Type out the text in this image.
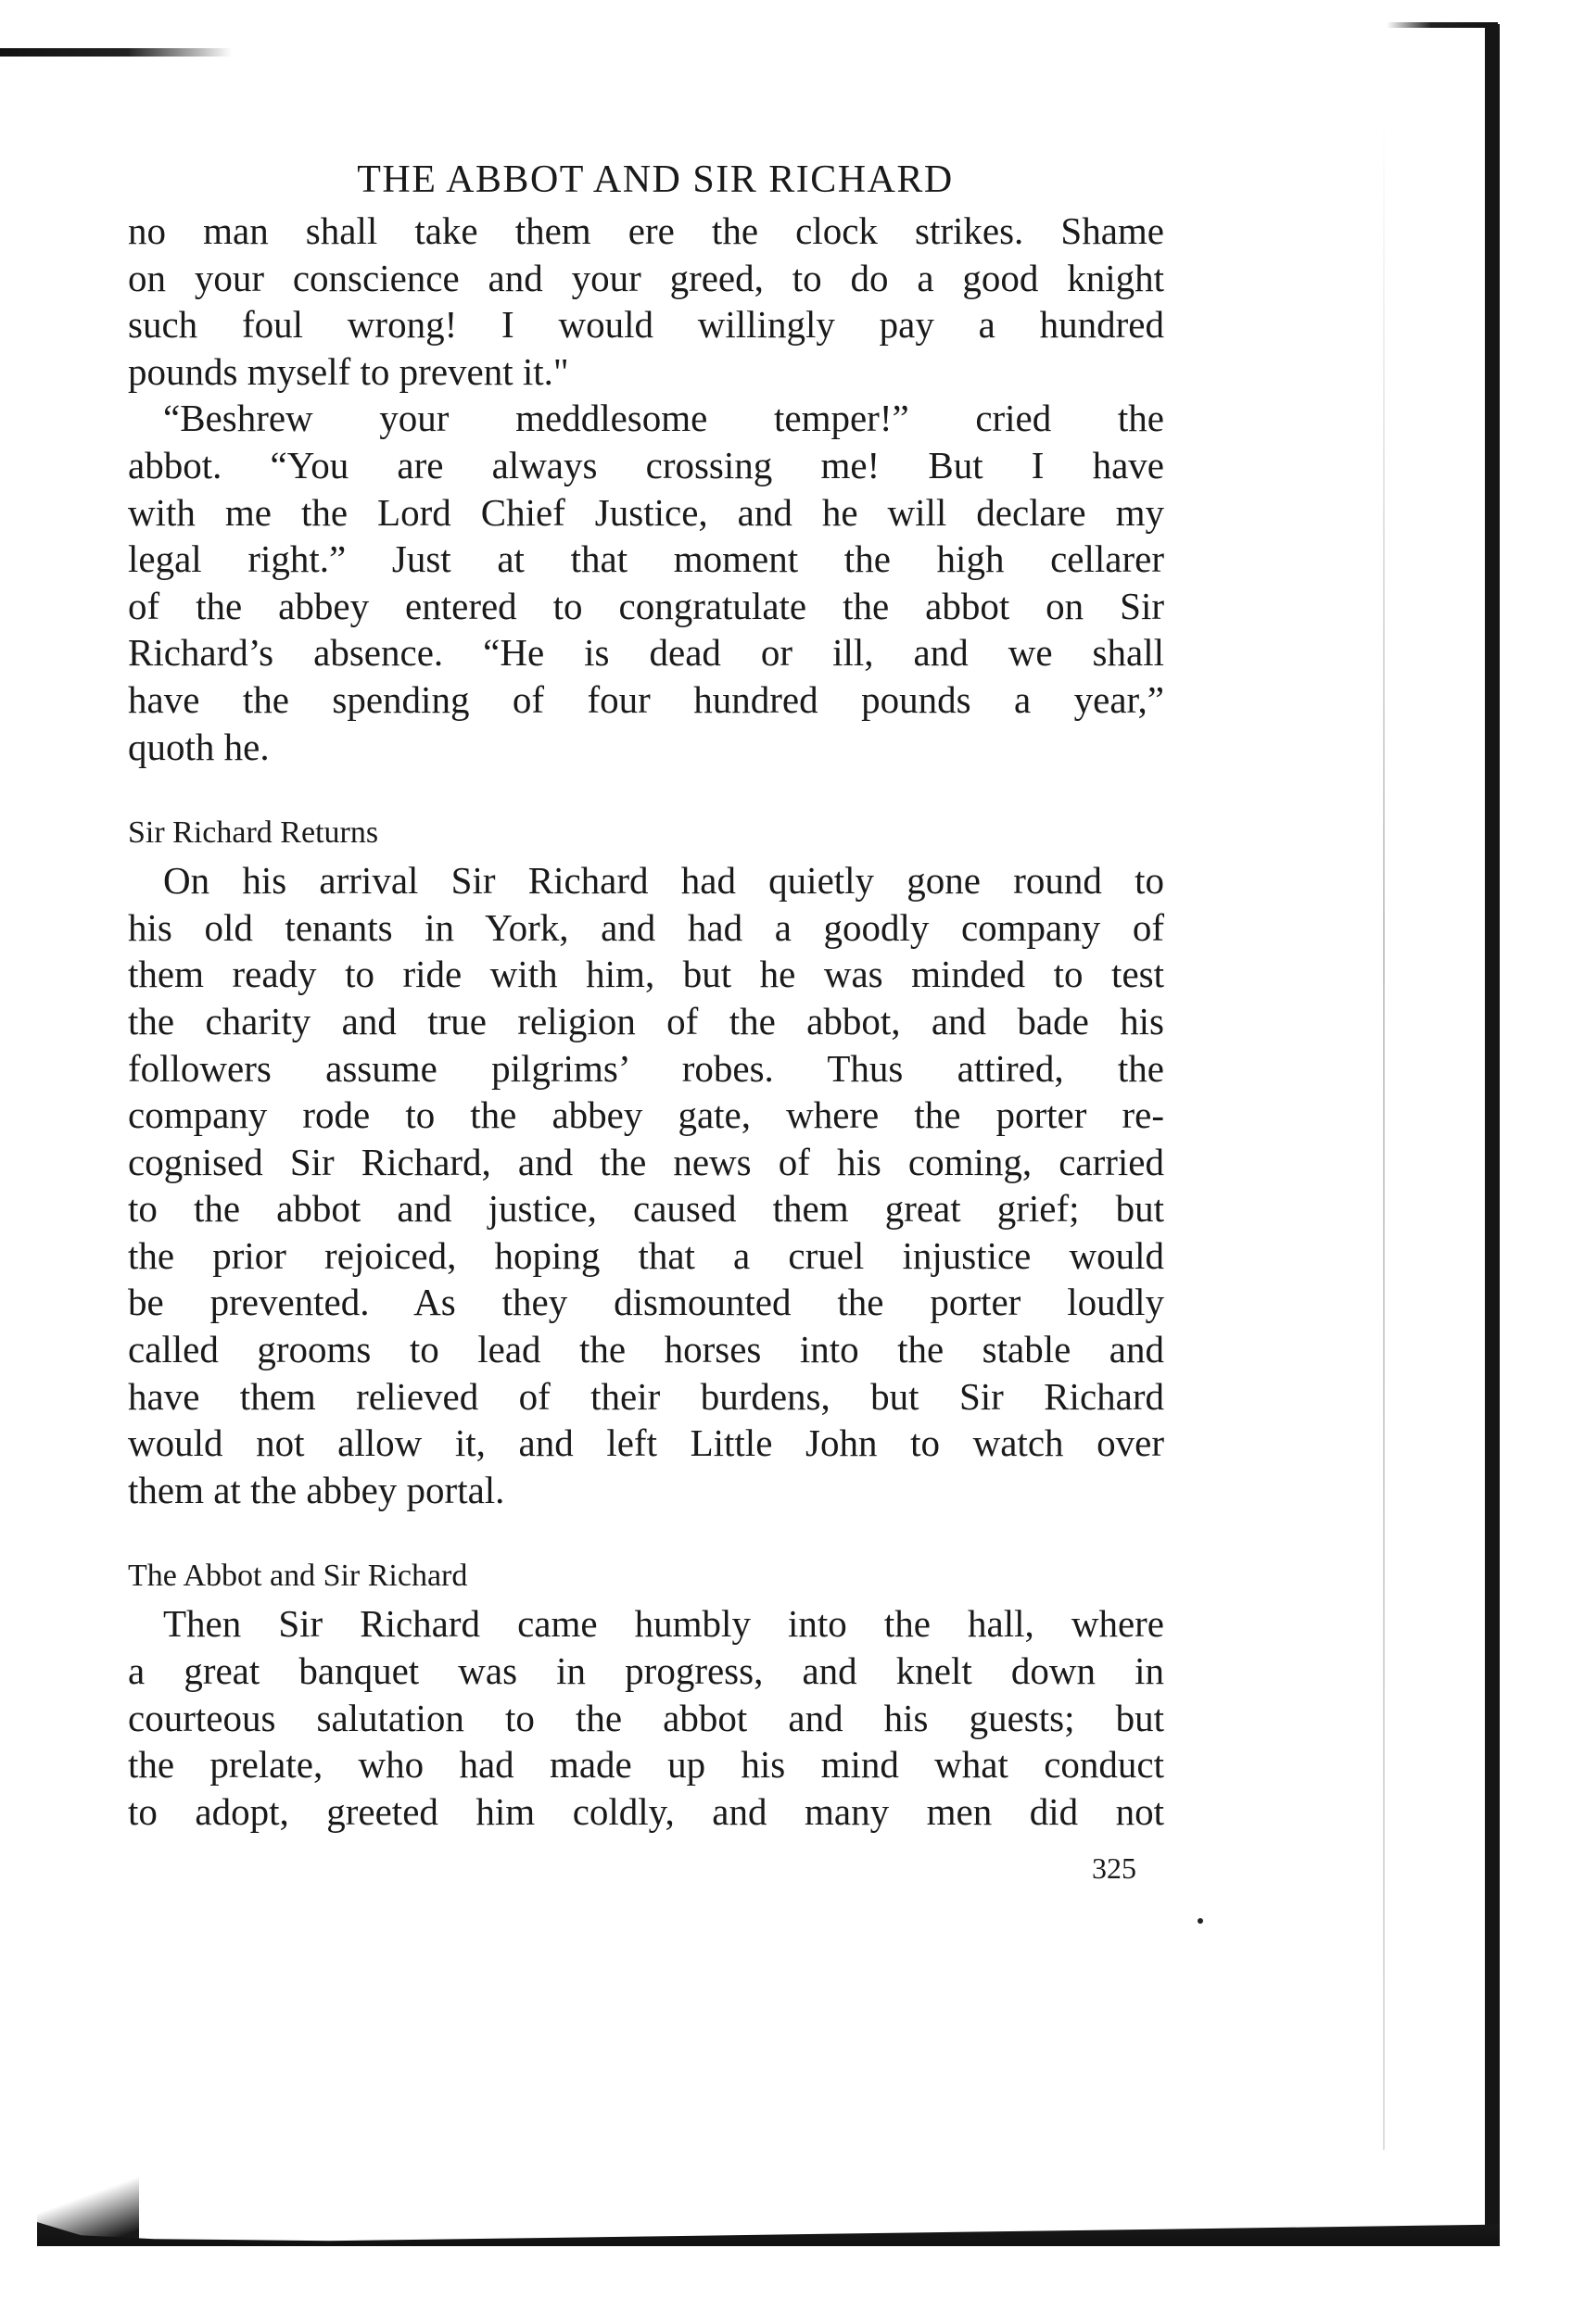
THE ABBOT AND SIR RICHARD
no man shall take them ere the clock strikes. Shame
on your conscience and your greed, to do a good knight
such foul wrong! I would willingly pay a hundred
pounds myself to prevent it."
“Beshrew your meddlesome temper!” cried the
abbot. “You are always crossing me! But I have
with me the Lord Chief Justice, and he will declare my
legal right.” Just at that moment the high cellarer
of the abbey entered to congratulate the abbot on Sir
Richard’s absence. “He is dead or ill, and we shall
have the spending of four hundred pounds a year,”
quoth he.
Sir Richard Returns
On his arrival Sir Richard had quietly gone round to
his old tenants in York, and had a goodly company of
them ready to ride with him, but he was minded to test
the charity and true religion of the abbot, and bade his
followers assume pilgrims’ robes. Thus attired, the
company rode to the abbey gate, where the porter re-
cognised Sir Richard, and the news of his coming, carried
to the abbot and justice, caused them great grief; but
the prior rejoiced, hoping that a cruel injustice would
be prevented. As they dismounted the porter loudly
called grooms to lead the horses into the stable and
have them relieved of their burdens, but Sir Richard
would not allow it, and left Little John to watch over
them at the abbey portal.
The Abbot and Sir Richard
Then Sir Richard came humbly into the hall, where
a great banquet was in progress, and knelt down in
courteous salutation to the abbot and his guests; but
the prelate, who had made up his mind what conduct
to adopt, greeted him coldly, and many men did not
325
